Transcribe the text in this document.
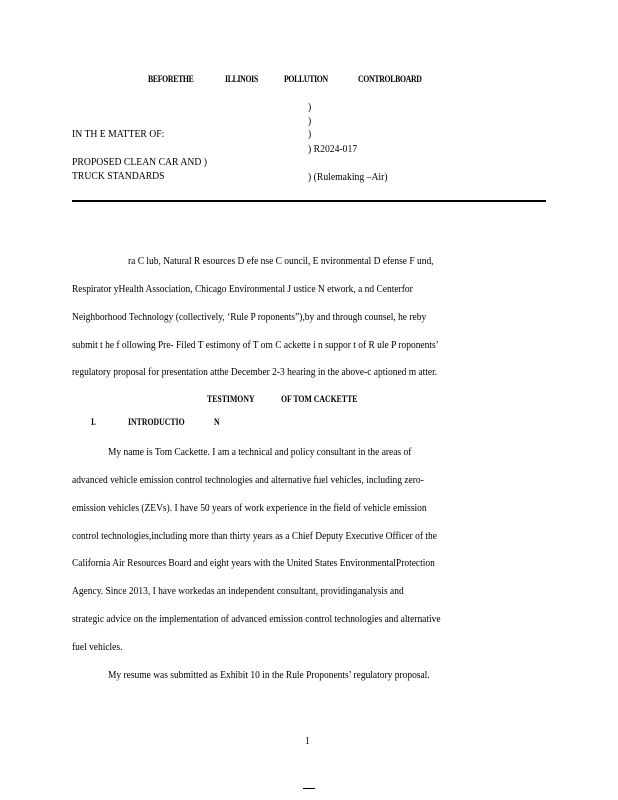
BEFORETHE	ILLINOIS	POLLUTION	CONTROLBOARD
)
)
)
IN TH E MATTER OF:
) R2024-017
PROPOSED CLEAN CAR AND )
TRUCK STANDARDS	) (Rulemaking –Air)
ra C lub, Natural R esources D efe nse C ouncil, E nvironmental D efense F und,
Respirator yHealth Association, Chicago Environmental J ustice N etwork, a nd Centerfor
Neighborhood Technology (collectively, ‘Rule P roponents”),by and through counsel, he reby
submit t he f ollowing Pre- Filed T estimony of T om C ackette i n suppor t of R ule P roponents’
regulatory proposal for presentation atthe December 2-3 hearing in the above-c aptioned m atter.
TESTIMONY	OF TOM CACKETTE
I.	INTRODUCTIO	N
My name is Tom Cackette. I am a technical and policy consultant in the areas of
advanced vehicle emission control technologies and alternative fuel vehicles, including zero-
emission vehicles (ZEVs). I have 50 years of work experience in the field of vehicle emission
control technologies,including more than thirty years as a Chief Deputy Executive Officer of the
California Air Resources Board and eight years with the United States EnvironmentalProtection
Agency. Since 2013, I have workedas an independent consultant, providinganalysis and
strategic advice on the implementation of advanced emission control technologies and alternative
fuel vehicles.
My resume was submitted as Exhibit 10 in the Rule Proponents’ regulatory proposal.
1
